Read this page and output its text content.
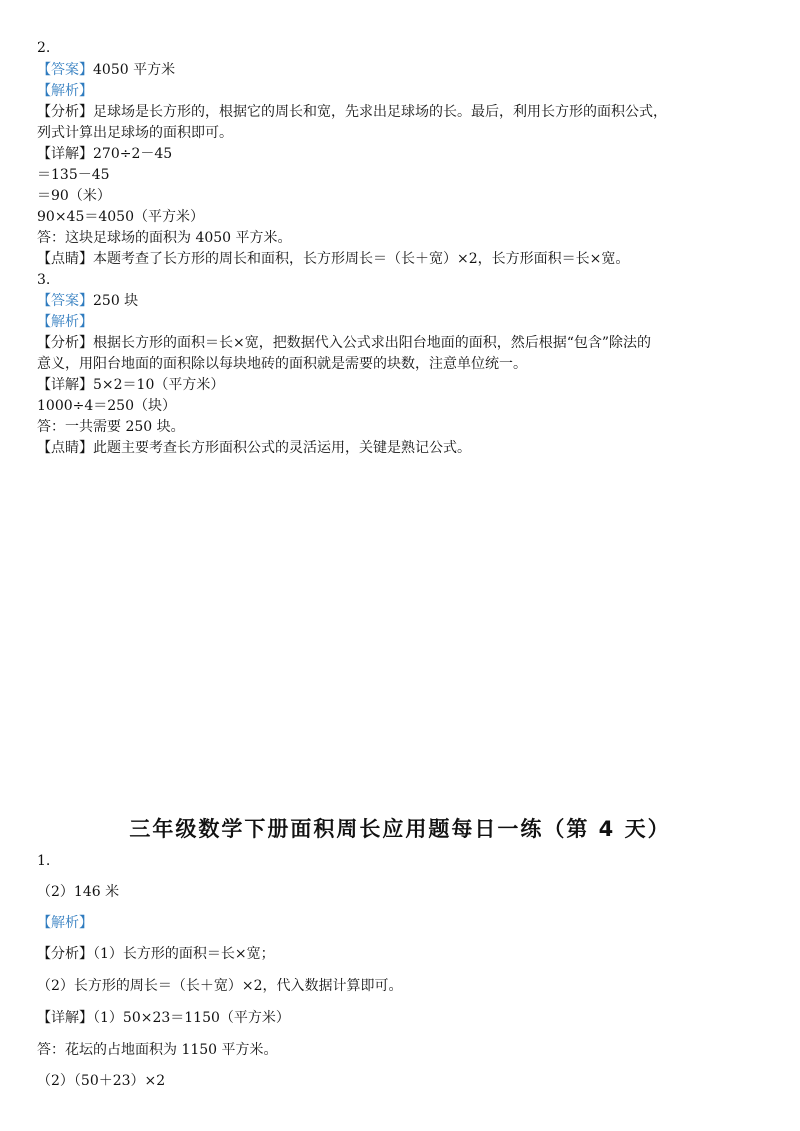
2.
【答案】4050 平方米
【解析】
【分析】足球场是长方形的，根据它的周长和宽，先求出足球场的长。最后，利用长方形的面积公式，
列式计算出足球场的面积即可。
【详解】270÷2－45
＝135－45
＝90（米）
90×45＝4050（平方米）
答：这块足球场的面积为 4050 平方米。
【点睛】本题考查了长方形的周长和面积，长方形周长＝（长＋宽）×2，长方形面积＝长×宽。
3.
【答案】250 块
【解析】
【分析】根据长方形的面积＝长×宽，把数据代入公式求出阳台地面的面积，然后根据“包含”除法的
意义，用阳台地面的面积除以每块地砖的面积就是需要的块数，注意单位统一。
【详解】5×2＝10（平方米）
1000÷4＝250（块）
答：一共需要 250 块。
【点睛】此题主要考查长方形面积公式的灵活运用，关键是熟记公式。
三年级数学下册面积周长应用题每日一练（第 4 天）
1.
（2）146 米
【解析】
【分析】（1）长方形的面积＝长×宽；
（2）长方形的周长＝（长＋宽）×2，代入数据计算即可。
【详解】（1）50×23＝1150（平方米）
答：花坛的占地面积为 1150 平方米。
（2）（50＋23）×2
